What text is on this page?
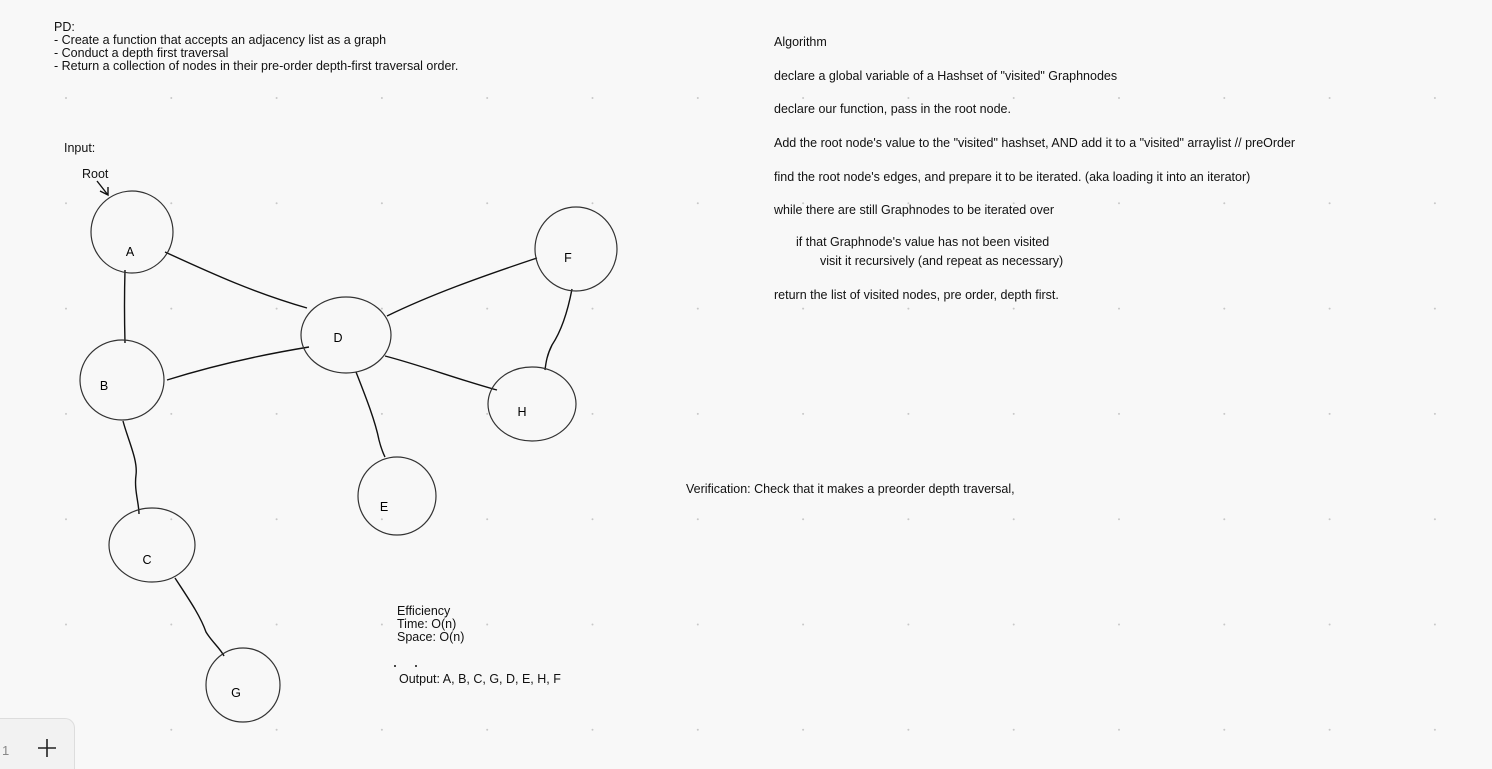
A
B
C
D
E
F
G
H
PD:
- Create a function that accepts an adjacency list as a graph
- Conduct a depth first traversal
- Return a collection of nodes in their pre-order depth-first traversal order.
Input:
Root
Algorithm
declare a global variable of a Hashset of "visited" Graphnodes
declare our function, pass in the root node.
Add the root node's value to the "visited" hashset, AND add it to a "visited" arraylist // preOrder
find the root node's edges, and prepare it to be iterated. (aka loading it into an iterator)
while there are still Graphnodes to be iterated over
if that Graphnode's value has not been visited
visit it recursively (and repeat as necessary)
return the list of visited nodes, pre order, depth first.
Verification: Check that it makes a preorder depth traversal,
Efficiency
Time: O(n)
Space: O(n)
Output: A, B, C, G, D, E, H, F
1
